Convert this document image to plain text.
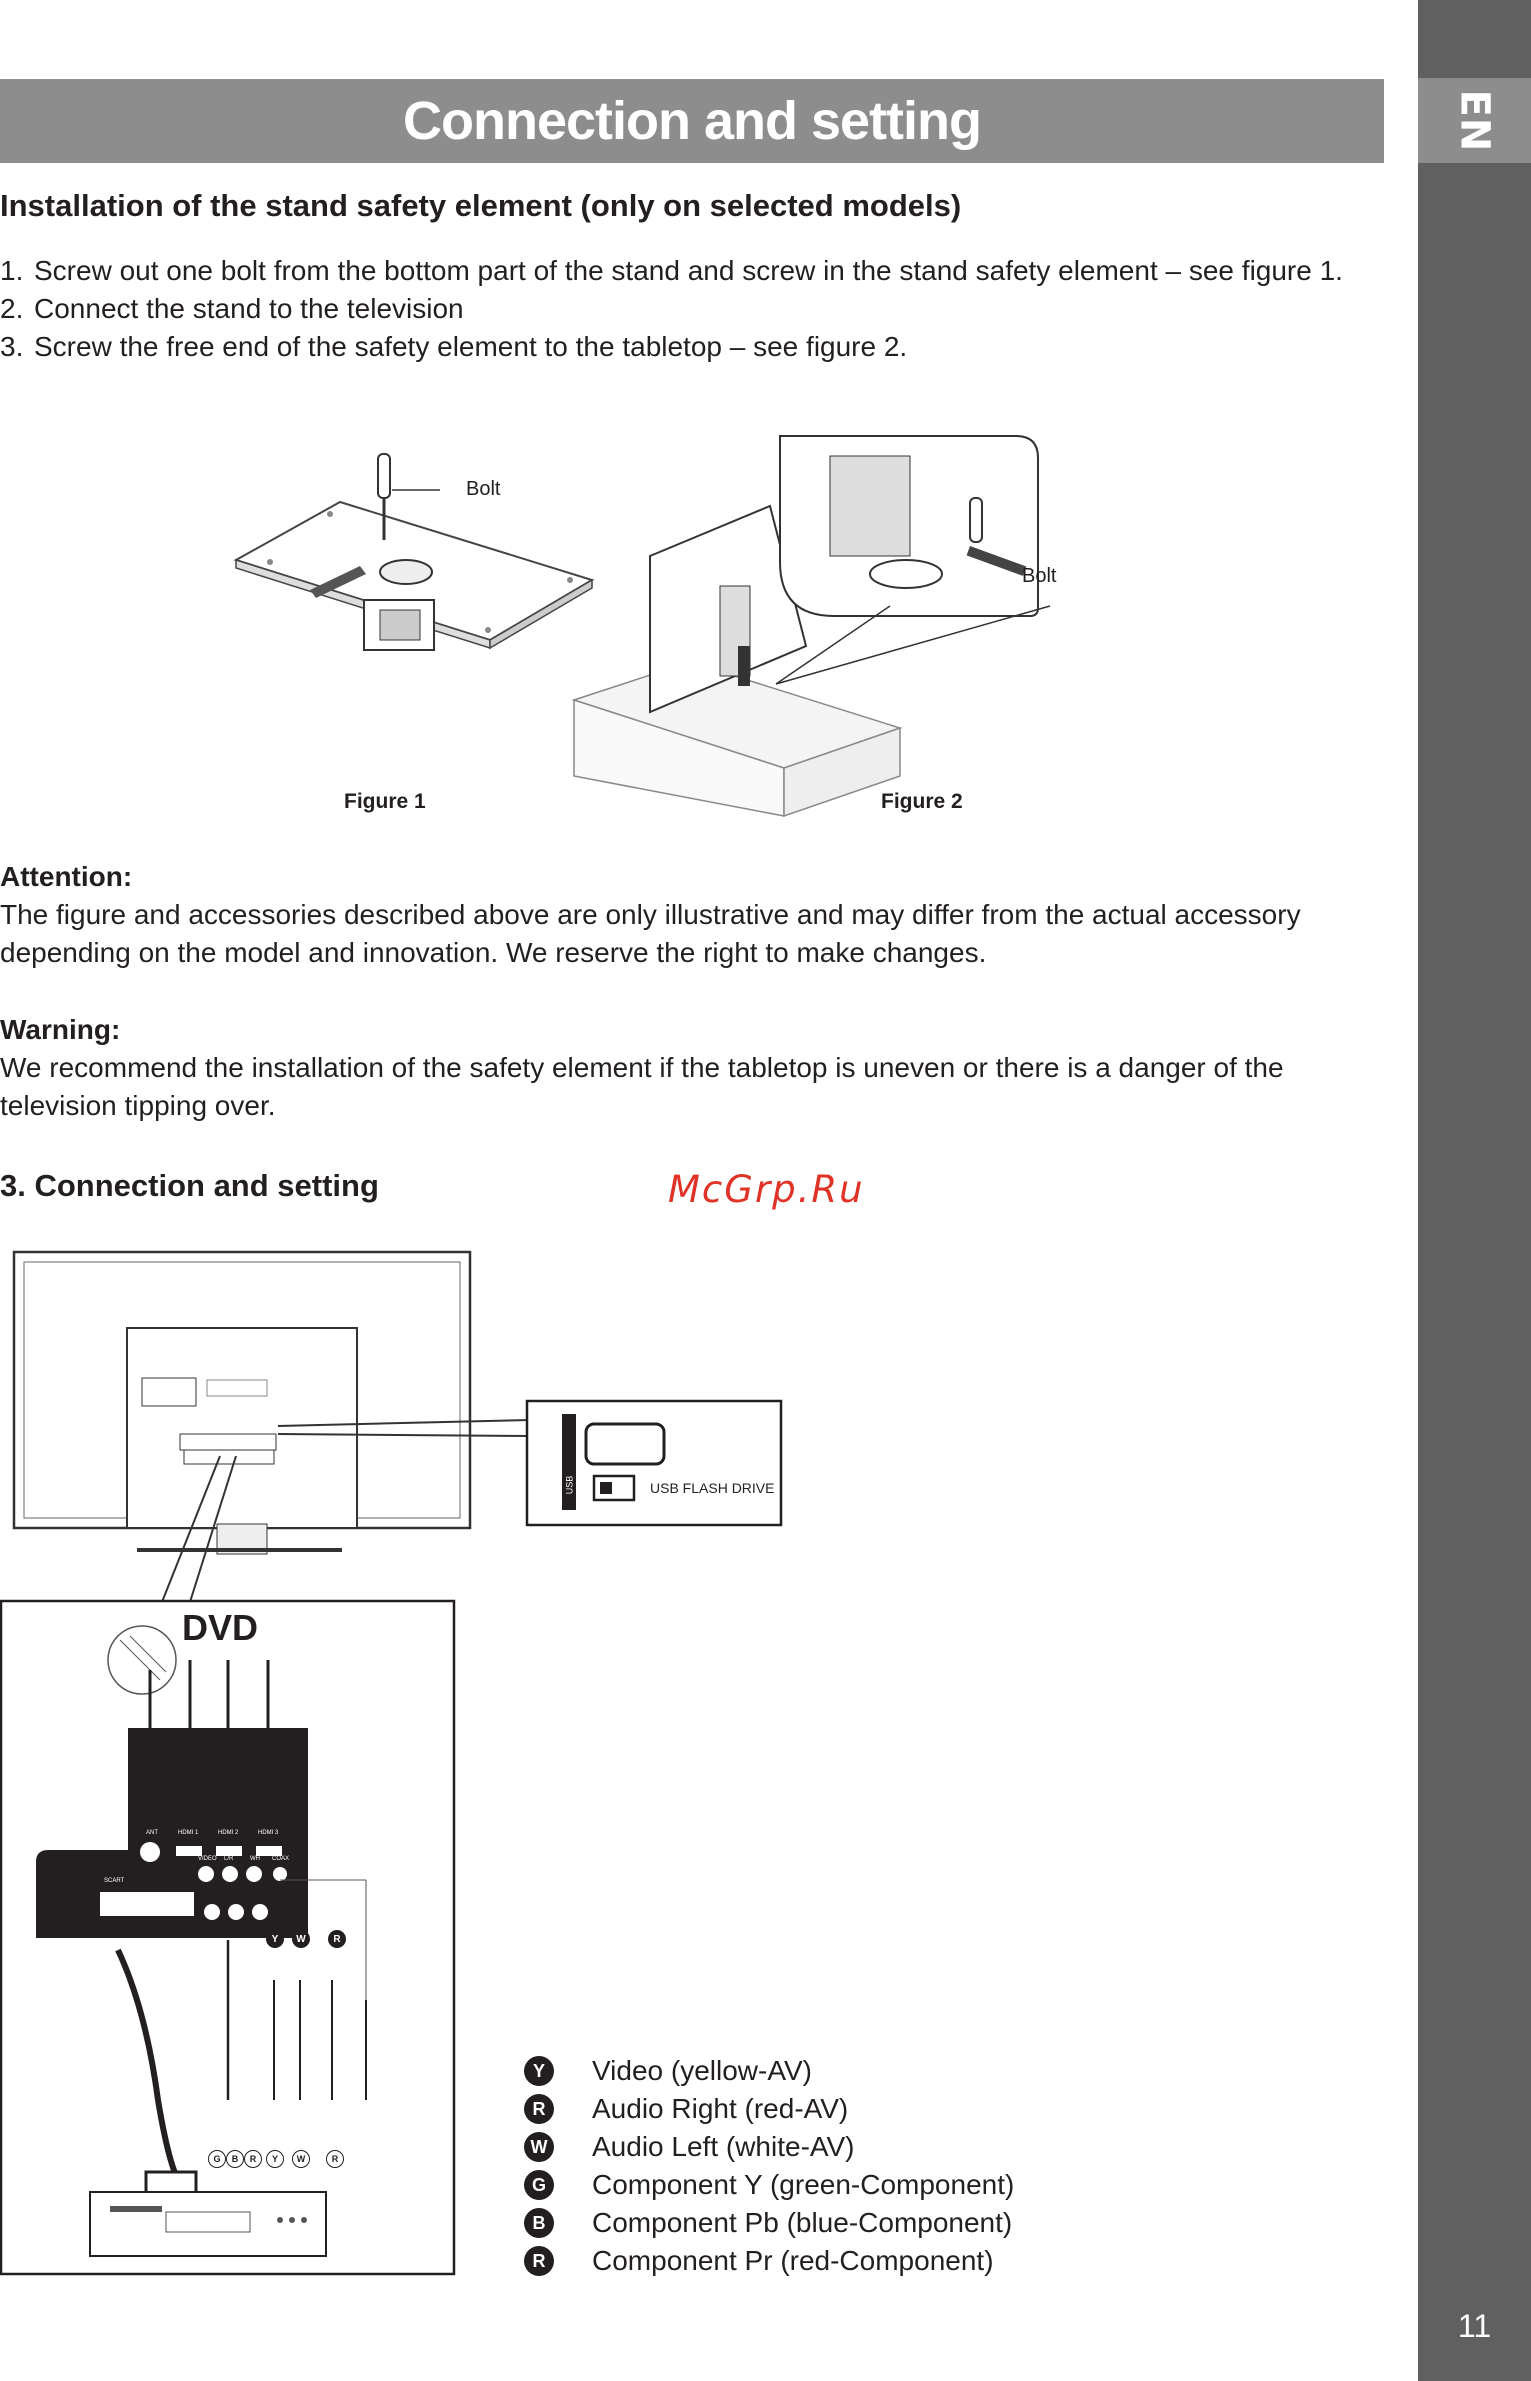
EN
11
Connection and setting
Installation of the stand safety element (only on selected models)
1. Screw out one bolt from the bottom part of the stand and screw in the stand safety element – see figure 1.
2. Connect the stand to the television
3. Screw the free end of the safety element to the tabletop – see figure 2.
Bolt
Bolt
Figure 1	Figure 2
Attention:
The figure and accessories described above are only illustrative and may differ from the actual accessory depending on the model and innovation. We reserve the right to make changes.
Warning:
We recommend the installation of the safety element if the tabletop is uneven or there is a danger of the television tipping over.
3. Connection and setting	McGrp.Ru
USB FLASH DRIVE
USB
DVD
ANT	HDMI 1	HDMI 2	HDMI 3
VIDEO L/R	WH COAX
SCART
YPbPr
Y	W	R
G	B	R	Y	W	R
Y	Video (yellow-AV)
R	Audio Right (red-AV)
W Audio Left (white-AV)
G Component Y (green-Component)
B	Component Pb (blue-Component)
R	Component Pr (red-Component)
